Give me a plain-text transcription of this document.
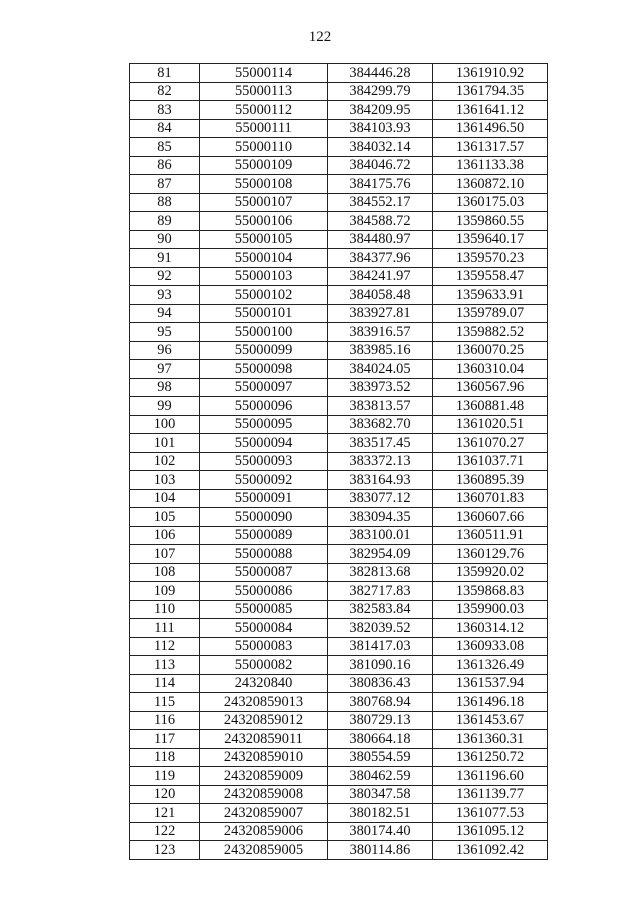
122
81	55000114	384446.28	1361910.92
82	55000113	384299.79	1361794.35
83	55000112	384209.95	1361641.12
84	55000111	384103.93	1361496.50
85	55000110	384032.14	1361317.57
86	55000109	384046.72	1361133.38
87	55000108	384175.76	1360872.10
88	55000107	384552.17	1360175.03
89	55000106	384588.72	1359860.55
90	55000105	384480.97	1359640.17
91	55000104	384377.96	1359570.23
92	55000103	384241.97	1359558.47
93	55000102	384058.48	1359633.91
94	55000101	383927.81	1359789.07
95	55000100	383916.57	1359882.52
96	55000099	383985.16	1360070.25
97	55000098	384024.05	1360310.04
98	55000097	383973.52	1360567.96
99	55000096	383813.57	1360881.48
100	55000095	383682.70	1361020.51
101	55000094	383517.45	1361070.27
102	55000093	383372.13	1361037.71
103	55000092	383164.93	1360895.39
104	55000091	383077.12	1360701.83
105	55000090	383094.35	1360607.66
106	55000089	383100.01	1360511.91
107	55000088	382954.09	1360129.76
108	55000087	382813.68	1359920.02
109	55000086	382717.83	1359868.83
110	55000085	382583.84	1359900.03
111	55000084	382039.52	1360314.12
112	55000083	381417.03	1360933.08
113	55000082	381090.16	1361326.49
114	24320840	380836.43	1361537.94
115	24320859013	380768.94	1361496.18
116	24320859012	380729.13	1361453.67
117	24320859011	380664.18	1361360.31
118	24320859010	380554.59	1361250.72
119	24320859009	380462.59	1361196.60
120	24320859008	380347.58	1361139.77
121	24320859007	380182.51	1361077.53
122	24320859006	380174.40	1361095.12
123	24320859005	380114.86	1361092.42
